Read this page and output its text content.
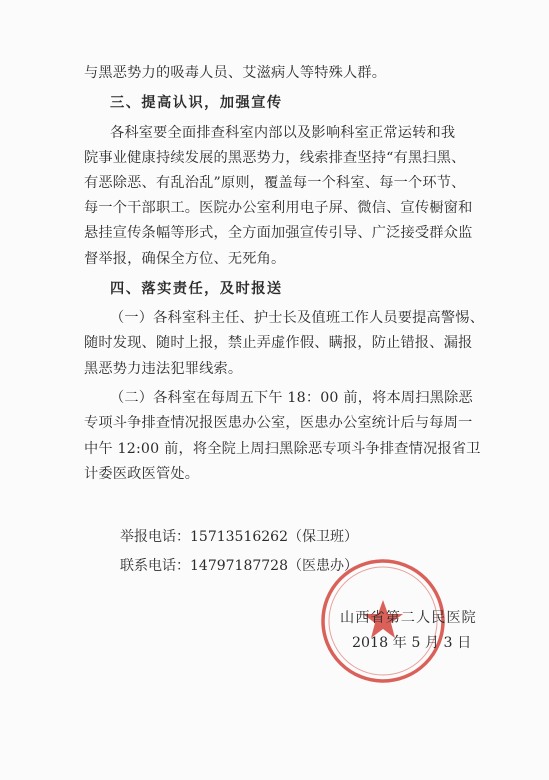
与黑恶势力的吸毒人员、艾滋病人等特殊人群。
三、提高认识，加强宣传
各科室要全面排查科室内部以及影响科室正常运转和我
院事业健康持续发展的黑恶势力，线索排查坚持“有黑扫黑、
有恶除恶、有乱治乱”原则，覆盖每一个科室、每一个环节、
每一个干部职工。医院办公室利用电子屏、微信、宣传橱窗和
悬挂宣传条幅等形式，全方面加强宣传引导、广泛接受群众监
督举报，确保全方位、无死角。
四、落实责任，及时报送
（一）各科室科主任、护士长及值班工作人员要提高警惕、
随时发现、随时上报，禁止弄虚作假、瞒报，防止错报、漏报
黑恶势力违法犯罪线索。
（二）各科室在每周五下午 18：00 前，将本周扫黑除恶
专项斗争排查情况报医患办公室，医患办公室统计后与每周一
中午 12:00 前，将全院上周扫黑除恶专项斗争排查情况报省卫
计委医政医管处。
举报电话：15713516262（保卫班）
联系电话：14797187728（医患办）
山西省第二人民医院
2018 年 5 月 3 日
